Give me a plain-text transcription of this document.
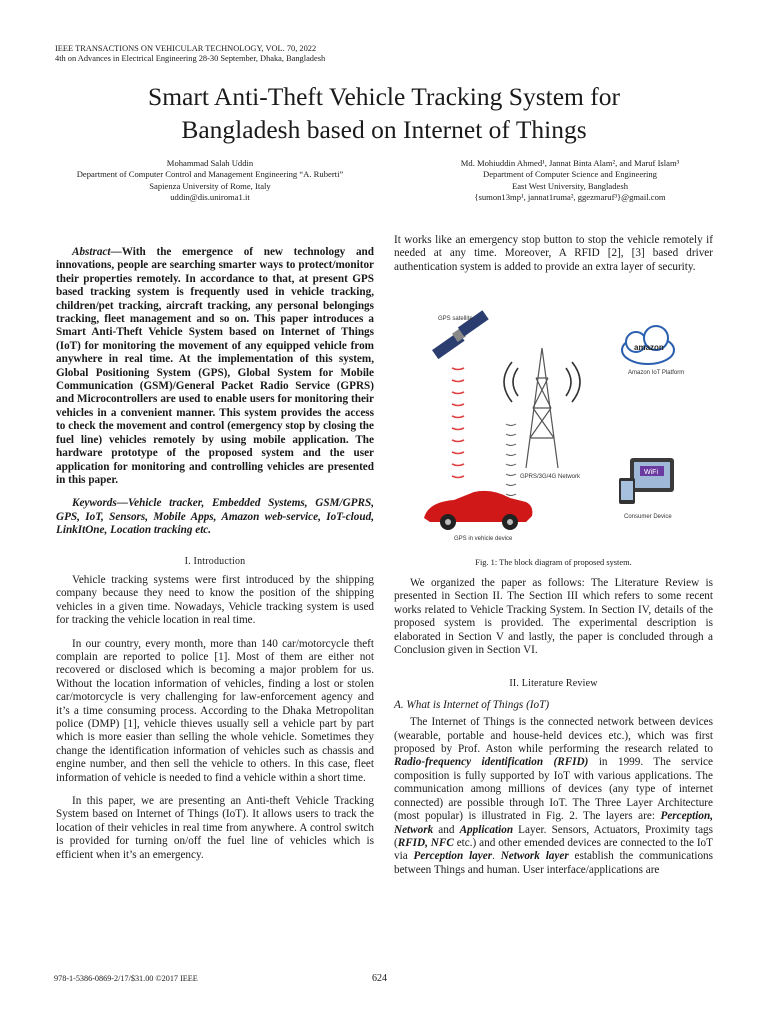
IEEE TRANSACTIONS ON VEHICULAR TECHNOLOGY, VOL. 70, 2022
4th on Advances in Electrical Engineering 28-30 September, Dhaka, Bangladesh
Smart Anti-Theft Vehicle Tracking System for
Bangladesh based on Internet of Things
Mohammad Salah Uddin
Department of Computer Control and Management Engineering “A. Ruberti”
Sapienza University of Rome, Italy
uddin@dis.uniroma1.it
Md. Mohiuddin Ahmed¹, Jannat Binta Alam², and Maruf Islam³
Department of Computer Science and Engineering
East West University, Bangladesh
{sumon13mp¹, jannat1ruma², ggezmaruf³}@gmail.com

Abstract—With the emergence of new technology and innovations, people are searching smarter ways to protect/monitor their properties remotely. In accordance to that, at present GPS based tracking system is frequently used in vehicle tracking, children/pet tracking, aircraft tracking, any personal belongings tracking, fleet management and so on. This paper introduces a Smart Anti-Theft Vehicle System based on Internet of Things (IoT) for monitoring the movement of any equipped vehicle from anywhere in real time. At the implementation of this system, Global Positioning System (GPS), Global System for Mobile Communication (GSM)/General Packet Radio Service (GPRS) and Microcontrollers are used to enable users for monitoring their vehicles in a convenient manner. This system provides the access to check the movement and control (emergency stop by closing the fuel line) vehicles remotely by using mobile application. The hardware prototype of the proposed system and the user application for monitoring and controlling vehicles are presented in this paper.

Keywords—Vehicle tracker, Embedded Systems, GSM/GPRS, GPS, IoT, Sensors, Mobile Apps, Amazon web-service, IoT-cloud, LinkItOne, Location tracking etc.

I. Introduction

Vehicle tracking systems were first introduced by the shipping company because they need to know the position of the shipping vehicles in a given time. Nowadays, Vehicle tracking system is used for tracking the vehicle location in real time.

In our country, every month, more than 140 car/motorcycle theft complain are reported to police [1]. Most of them are either not recovered or disclosed which is becoming a major problem for us. Without the location information of vehicles, finding a lost or stolen car/motorcycle is very challenging for law-enforcement agency and it’s a time consuming process. According to the Dhaka Metropolitan police (DMP) [1], vehicle thieves usually sell a vehicle part by part which is more easier than selling the whole vehicle. Sometimes they change the identification information of vehicles such as chassis and engine number, and then sell the vehicle to others. In this case, fleet information of vehicle is needed to find a vehicle within a short time.

In this paper, we are presenting an Anti-theft Vehicle Tracking System based on Internet of Things (IoT). It allows users to track the location of their vehicles in real time from anywhere. A control switch is provided for turning on/off the fuel line of vehicles which is efficient when it’s an emergency.

It works like an emergency stop button to stop the vehicle remotely if needed at any time. Moreover, A RFID [2], [3] based driver authentication system is added to provide an extra layer of security.

GPS satellite
GPRS/3G/4G Network
amazon
Amazon IoT Platform
WiFi
Consumer Device
GPS in vehicle device
Fig. 1: The block diagram of proposed system.

We organized the paper as follows: The Literature Review is presented in Section II. The Section III which refers to some recent works related to Vehicle Tracking System. In Section IV, details of the proposed system is provided. The experimental description is elaborated in Section V and lastly, the paper is concluded through a Conclusion given in Section VI.

II. Literature Review

A. What is Internet of Things (IoT)

The Internet of Things is the connected network between devices (wearable, portable and house-held devices etc.), which was first proposed by Prof. Aston while performing the research related to Radio-frequency identification (RFID) in 1999. The service composition is fully supported by IoT with various applications. The communication among millions of devices (any type of internet connected) are possible through IoT. The Three Layer Architecture (most popular) is illustrated in Fig. 2. The layers are: Perception, Network and Application Layer. Sensors, Actuators, Proximity tags (RFID, NFC etc.) and other emended devices are connected to the IoT via Perception layer. Network layer establish the communications between Things and human. User interface/applications are

978-1-5386-0869-2/17/$31.00 ©2017 IEEE	624
